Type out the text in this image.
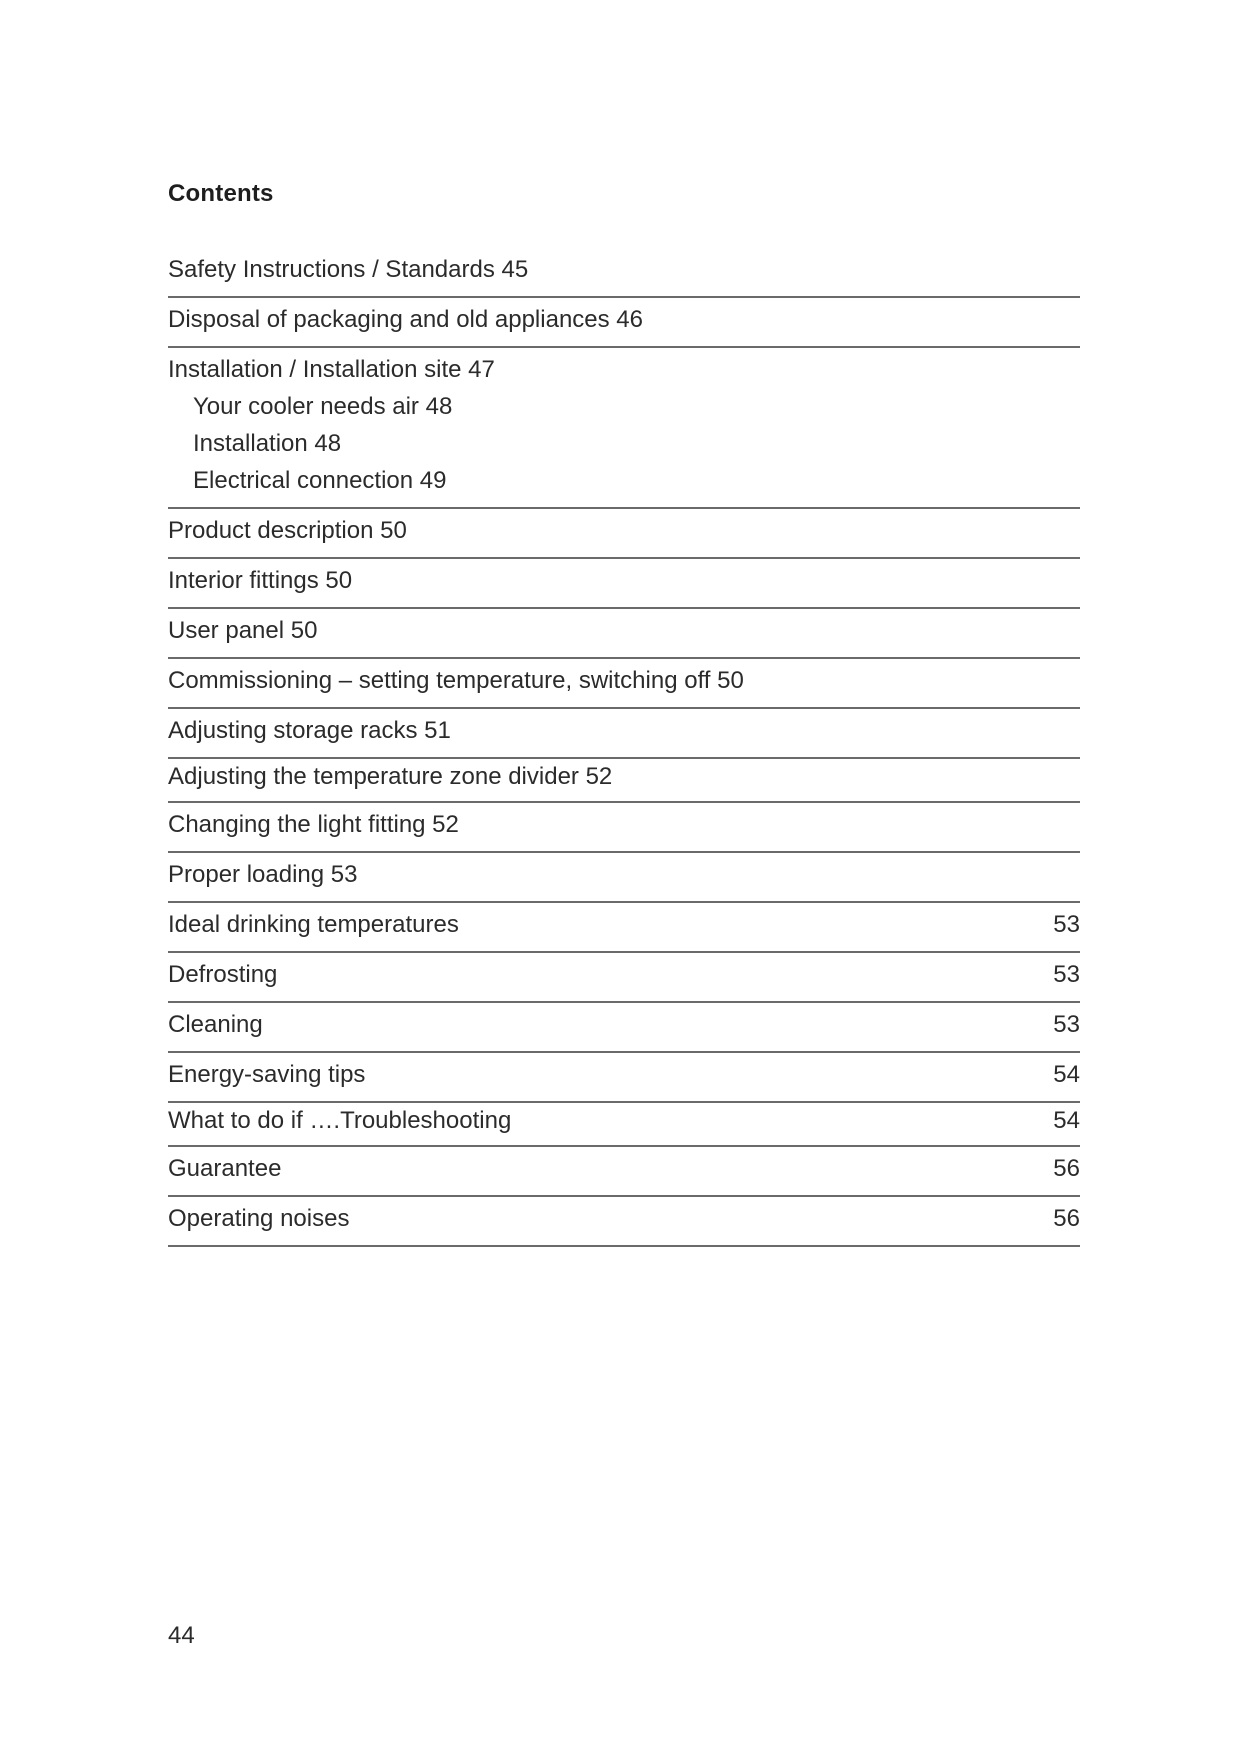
Contents
Safety Instructions / Standards 45
Disposal of packaging and old appliances 46
Installation / Installation site 47
Your cooler needs air 48
Installation 48
Electrical connection 49
Product description 50
Interior fittings 50
User panel 50
Commissioning – setting temperature, switching off 50
Adjusting storage racks 51
Adjusting the temperature zone divider 52
Changing the light fitting 52
Proper loading 53
Ideal drinking temperatures	53
Defrosting	53
Cleaning	53
Energy-saving tips	54
What to do if ….Troubleshooting	54
Guarantee	56
Operating noises	56
44
